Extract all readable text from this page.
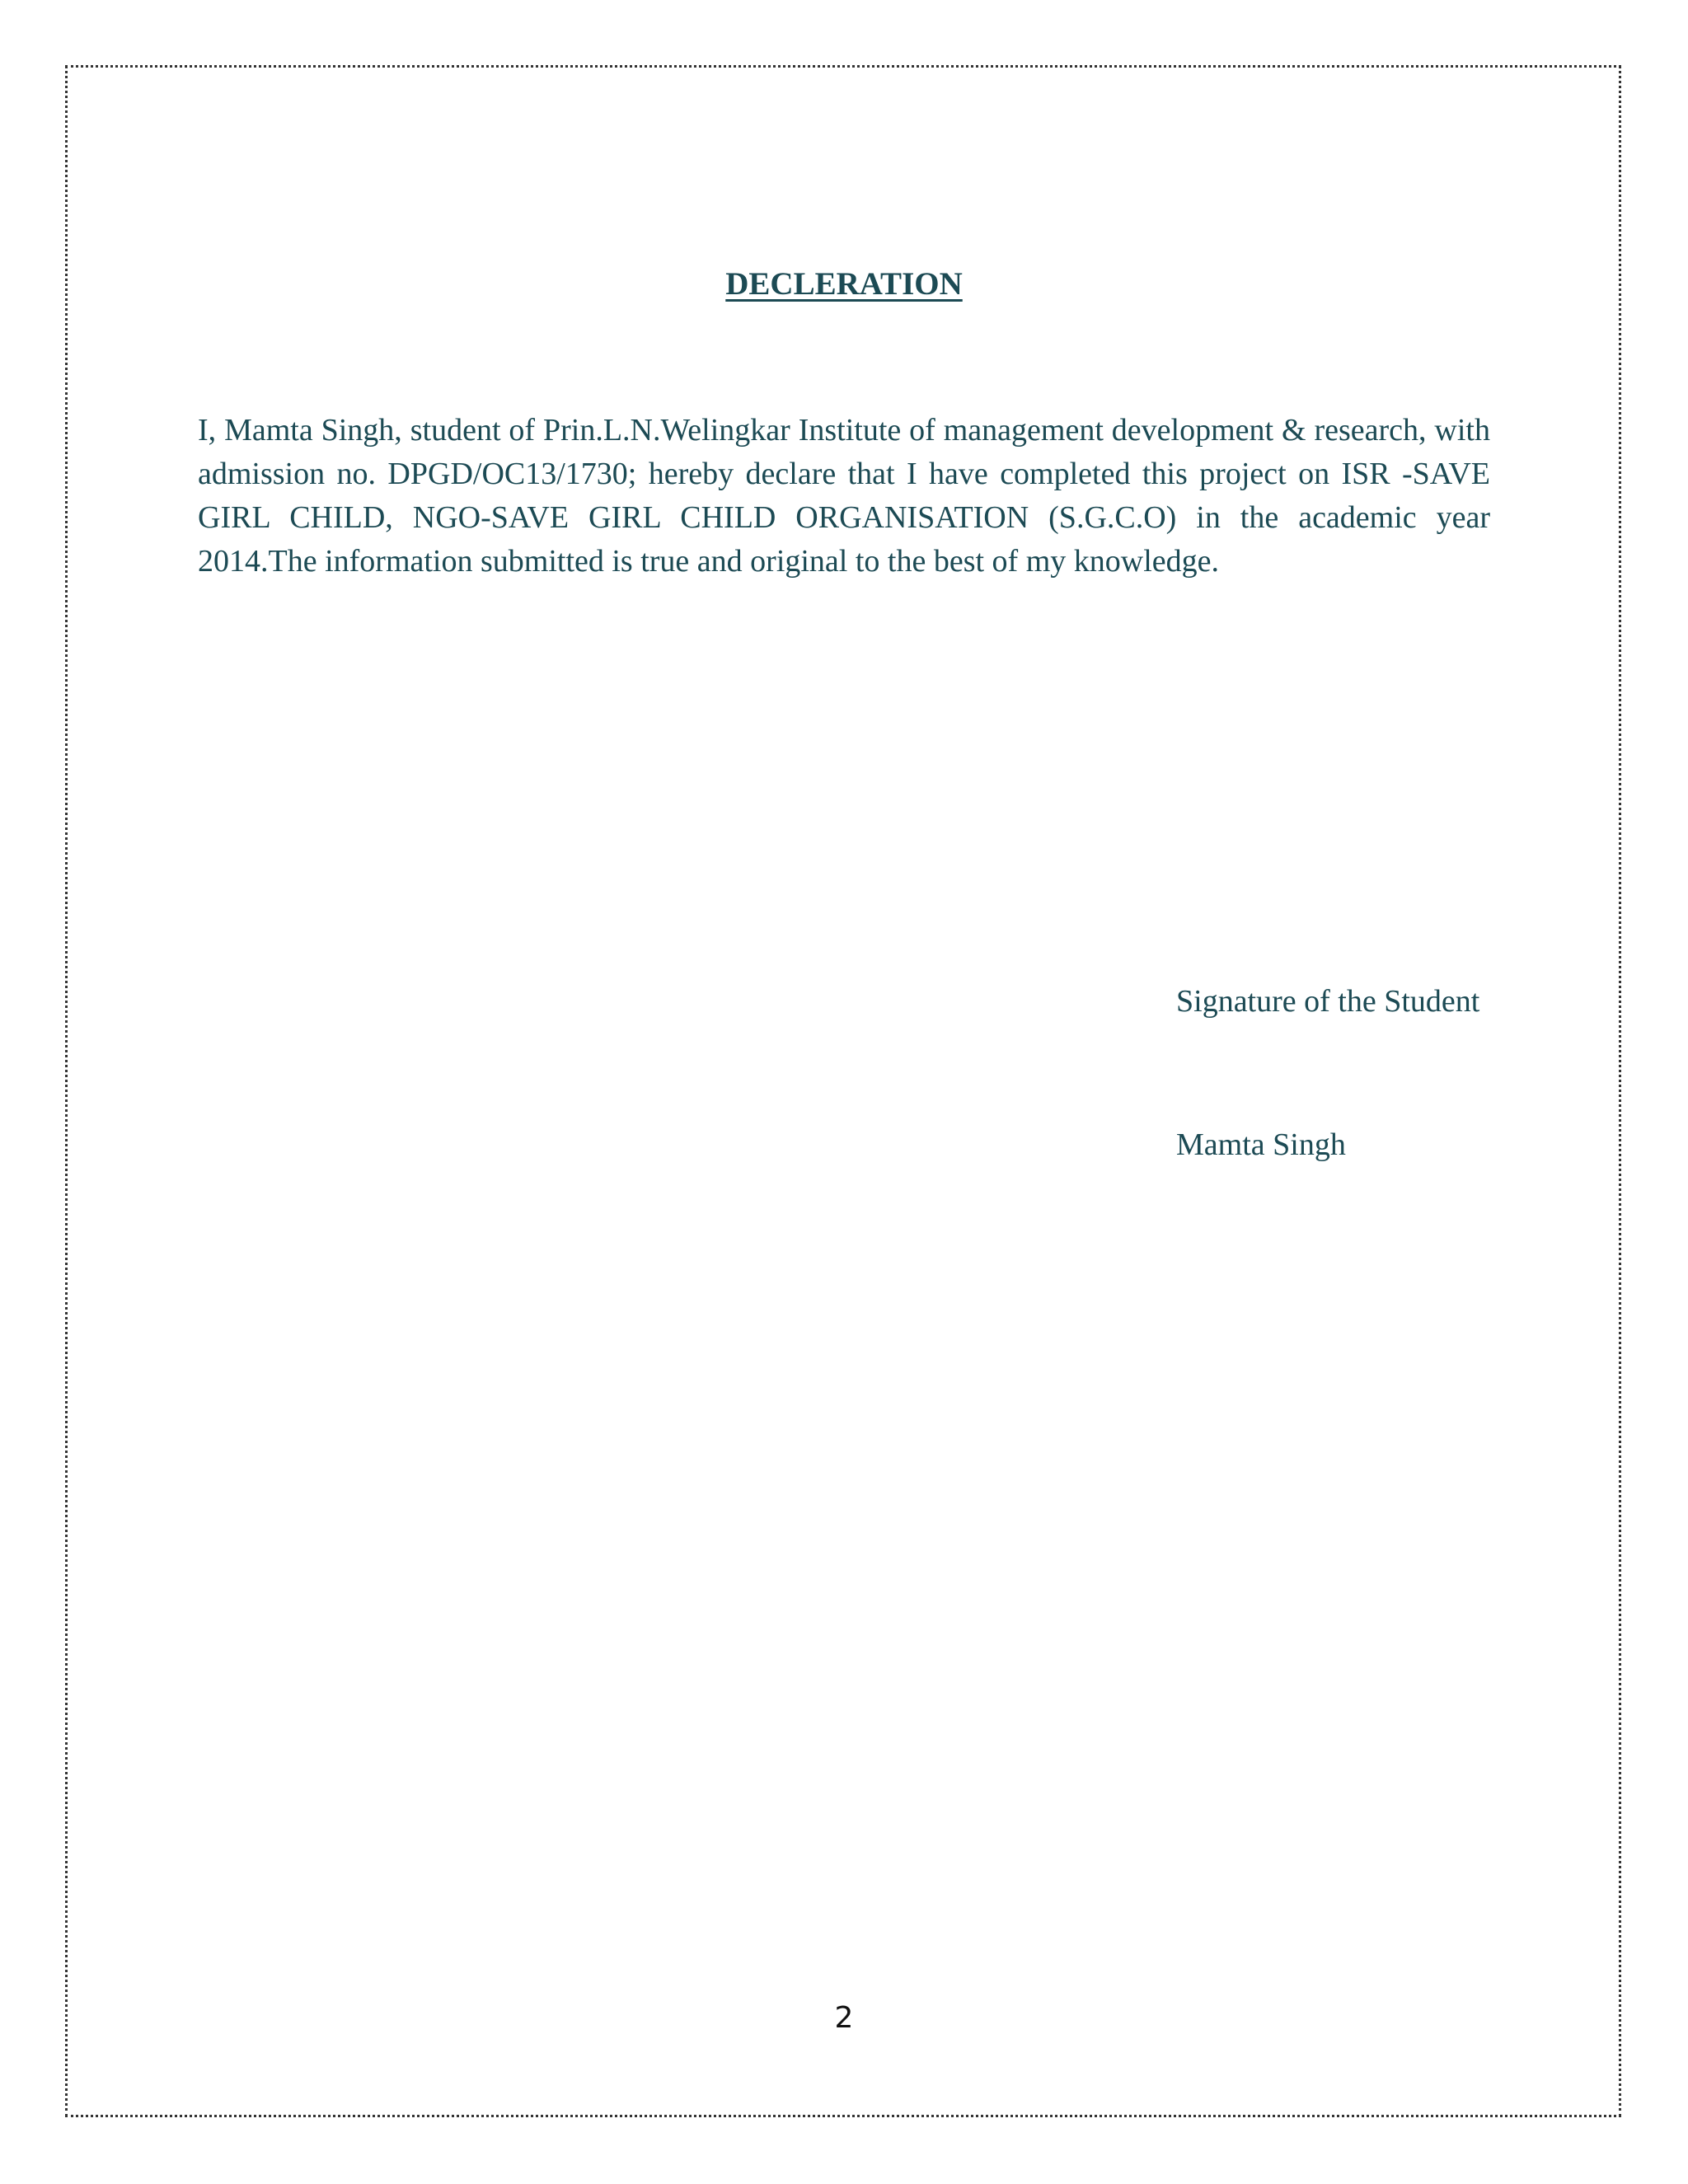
DECLERATION

I, Mamta Singh, student of Prin.L.N.Welingkar Institute of management development & research, with admission no. DPGD/OC13/1730; hereby declare that I have completed this project on ISR -SAVE GIRL CHILD, NGO-SAVE GIRL CHILD ORGANISATION (S.G.C.O) in the academic year 2014.The information submitted is true and original to the best of my knowledge.

Signature of the Student
Mamta Singh
2
